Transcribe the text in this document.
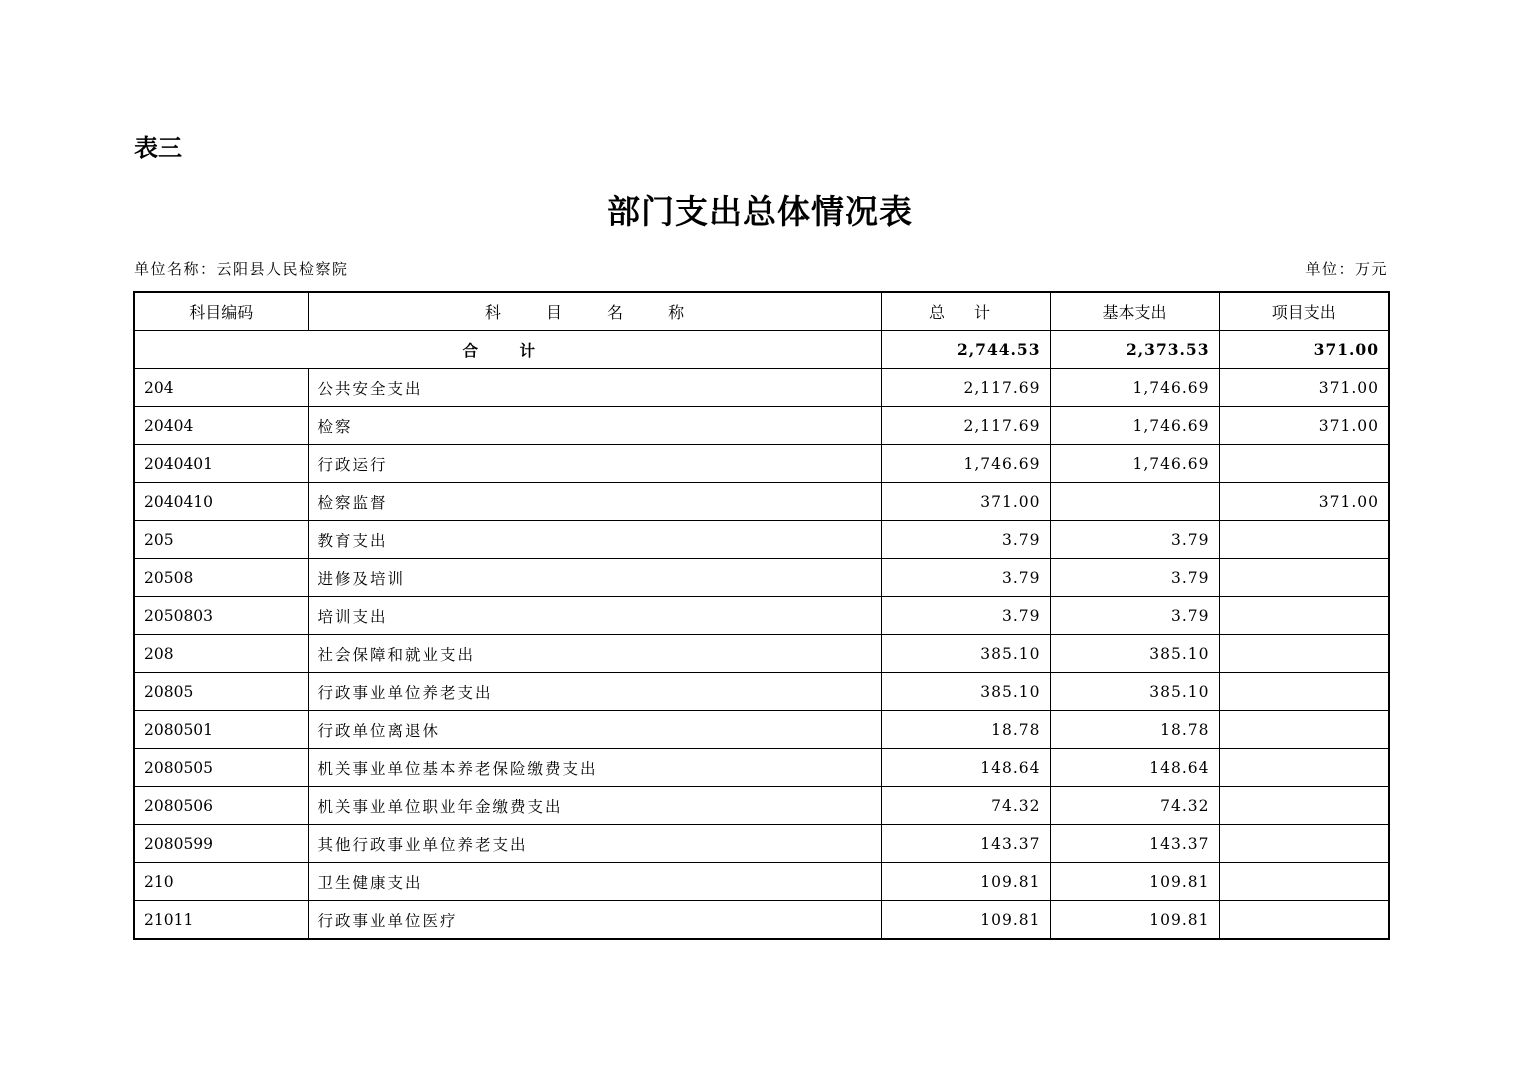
表三
部门支出总体情况表
单位名称：云阳县人民检察院	单位：万元
科目编码	科 目 名 称	总 计	基本支出	项目支出
合 计		2,744.53	2,373.53	371.00
204	公共安全支出	2,117.69	1,746.69	371.00
20404	检察	2,117.69	1,746.69	371.00
2040401	行政运行	1,746.69	1,746.69	
2040410	检察监督	371.00		371.00
205	教育支出	3.79	3.79	
20508	进修及培训	3.79	3.79	
2050803	培训支出	3.79	3.79	
208	社会保障和就业支出	385.10	385.10	
20805	行政事业单位养老支出	385.10	385.10	
2080501	行政单位离退休	18.78	18.78	
2080505	机关事业单位基本养老保险缴费支出	148.64	148.64	
2080506	机关事业单位职业年金缴费支出	74.32	74.32	
2080599	其他行政事业单位养老支出	143.37	143.37	
210	卫生健康支出	109.81	109.81	
21011	行政事业单位医疗	109.81	109.81	
